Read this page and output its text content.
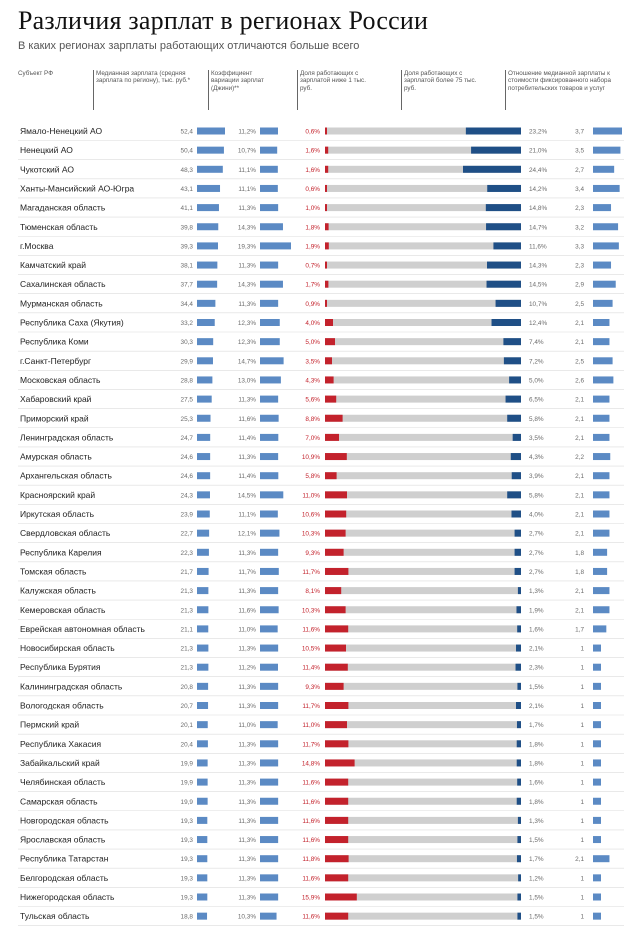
Различия зарплат в регионах России
В каких регионах зарплаты работающих отличаются больше всего
Субъект РФ	Медианная зарплата (средняя зарплата по региону), тыс. руб.*
Коэффициент вариации зарплат (Джини)**
Доля работающих с зарплатой ниже 1 тыс. руб.
Доля работающих с зарплатой более 75 тыс. руб.
Отношение медианной зарплаты к стоимости фиксированного набора потребительских товаров и услуг
Ямало-Ненецкий АО	52,4	11,2%	0,6%	23,2%	3,7
Ненецкий АО	50,4	10,7%	1,6%	21,0%	3,5
Чукотский АО	48,3	11,1%	1,6%	24,4%	2,7
Ханты-Мансийский АО-Югра	43,1	11,1%	0,6%	14,2%	3,4
Магаданская область	41,1	11,3%	1,0%	14,8%	2,3
Тюменская область	39,8	14,3%	1,8%	14,7%	3,2
г.Москва	39,3	19,3%	1,9%	11,6%	3,3
Камчатский край	38,1	11,3%	0,7%	14,3%	2,3
Сахалинская область	37,7	14,3%	1,7%	14,5%	2,9
Мурманская область	34,4	11,3%	0,9%	10,7%	2,5
Республика Саха (Якутия)	33,2	12,3%	4,0%	12,4%	2,1
Республика Коми	30,3	12,3%	5,0%	7,4%	2,1
г.Санкт-Петербург	29,9	14,7%	3,5%	7,2%	2,5
Московская область	28,8	13,0%	4,3%	5,0%	2,6
Хабаровский край	27,5	11,3%	5,6%	6,5%	2,1
Приморский край	25,3	11,6%	8,8%	5,8%	2,1
Ленинградская область	24,7	11,4%	7,0%	3,5%	2,1
Амурская область	24,6	11,3%	10,9%	4,3%	2,2
Архангельская область	24,6	11,4%	5,8%	3,9%	2,1
Красноярский край	24,3	14,5%	11,0%	5,8%	2,1
Иркутская область	23,9	11,1%	10,6%	4,0%	2,1
Свердловская область	22,7	12,1%	10,3%	2,7%	2,1
Республика Карелия	22,3	11,3%	9,3%	2,7%	1,8
Томская область	21,7	11,7%	11,7%	2,7%	1,8
Калужская область	21,3	11,3%	8,1%	1,3%	2,1
Кемеровская область	21,3	11,6%	10,3%	1,9%	2,1
Еврейская автономная область	21,1	11,0%	11,6%	1,6%	1,7
Новосибирская область	21,3	11,3%	10,5%	2,1%	1
Республика Бурятия	21,3	11,2%	11,4%	2,3%	1
Калининградская область	20,8	11,3%	9,3%	1,5%	1
Вологодская область	20,7	11,3%	11,7%	2,1%	1
Пермский край	20,1	11,0%	11,0%	1,7%	1
Республика Хакасия	20,4	11,3%	11,7%	1,8%	1
Забайкальский край	19,9	11,3%	14,8%	1,8%	1
Челябинская область	19,9	11,3%	11,6%	1,6%	1
Самарская область	19,9	11,3%	11,6%	1,8%	1
Новгородская область	19,3	11,3%	11,6%	1,3%	1
Ярославская область	19,3	11,3%	11,6%	1,5%	1
Республика Татарстан	19,3	11,3%	11,8%	1,7%	2,1
Белгородская область	19,3	11,3%	11,6%	1,2%	1
Нижегородская область	19,3	11,3%	15,9%	1,5%	1
Тульская область	18,8	10,3%	11,6%	1,5%	1
